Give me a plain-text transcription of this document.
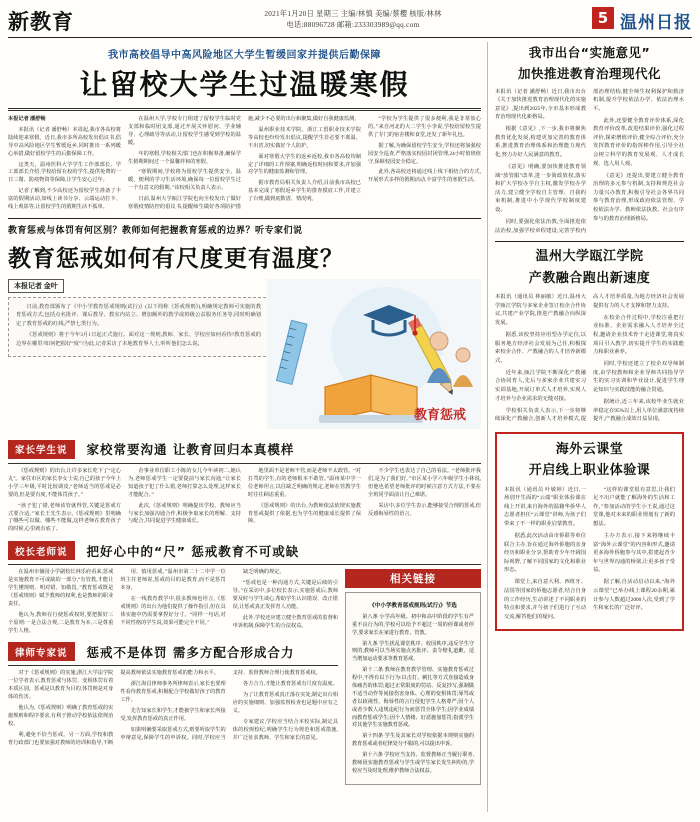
新教育	2021年1月20日 星期三 主编/林慎 美编/蔡樱 核版/林林
电话:88096728 邮箱:233303989@qq.com	5 温州日报
我市高校倡导中高风险地区大学生暂缓回家并提供后勤保障
让留校大学生过温暖寒假

本报记者 潘舒畅

本报讯（记者 潘舒畅）本周起,我市各高校将陆续迎来寒假。近日,我市多所高校发出倡议书,倡导中高风险地区学生暂缓返乡,同时推出一系列暖心举措,做好留校学生的后勤保障工作。

这类天，温州医科大学学生工作部部长、学工部部长介绍,学校给留在校的学生,提供免费的一日三餐、防疫物资等保障,让学生安心过年。

记者了解到,不少高校还为留校学生准备了丰富的假期活动,如线上读书分享、云端运动打卡、线上观影等,让留校学生的假期生活不孤单。

在温州大学,学校专门组建了留校学生临时党支部和临时团支部,通过开展关怀慰问、学业辅导、心理疏导等活动,让留校学生感受到学校的温暖。

年的寒假,学校相关部门也在积极筹备,确保学生假期期间过一个温馨祥和的寒假。

“寒假期间,学校将为留校学生提供安全、温暖、便利的学习生活环境,确保每一位留校学生过一个有意义的假期。”该校相关负责人表示。

日前,温州大学瓯江学院也向全校发出了做好寒假疫情防控的倡议书,提醒师生做好各项防护措施,减少不必要的出行和聚集,做好自我健康监测。

温州职业技术学院、浙江工贸职业技术学院等高校也纷纷发出倡议,提醒学生非必要不离温、不出省,切实做好个人防护。

面对寒假大学生的返乡返校,我市各高校均制定了详细的工作预案,明确返校时间和要求,并加强对学生的健康监测和管理。

据市教育局相关负责人介绍,目前我市高校已基本完成了寒假返乡学生的排查摸底工作,并建立了台账,做到底数清、情况明。

“学校为学生提供了很多便利,我是非常放心的。”来自河北的大二学生小李说,学校给留校生提供了专门的宿舍楼和食堂,还发了新年礼包。

据了解,为确保留校学生安全,学校还将加强校园安全巡查,严格落实校园封闭管理,24小时值班值守,保障校园安全稳定。

此外,各高校还将通过线上线下相结合的方式,开展形式多样的假期活动,丰富学生的寒假生活。

教育惩戒与体罚有何区别？教师如何把握教育惩戒的边界？听专家们说
教育惩戒如何有尺度更有温度？
教育惩戒
本报记者 金叶

日前,教育部颁布了《中小学教育惩戒规则(试行)》(以下简称《惩戒规则》),明确规定教师可实施的教育惩戒方式,包括点名批评、课后教导、教室内站立、增加额外的教学或班级公益服务任务等,同时明确划定了教育惩戒的红线,严禁七类行为。

《惩戒规则》将于今年3月1日起正式施行。面对这一规则,教师、家长、学校应如何看待?教育惩戒的边界在哪里?如何把握好“度”?为此,记者采访了本地教育界人士,听听他们怎么说。

家长学生说	家校常要沟通 让教育回归本真模样

《惩戒规则》的出台,让许多家长吃下了“定心丸”。家住市区的家长李女士说,自己的孩子今年上小学三年级,平时比较调皮,“老师适当的惩戒是必要的,但是要有度,不能体罚孩子。”

“孩子犯了错,老师该管就得管,关键是惩戒方式要合适。”家长王先生表示,《惩戒规则》里明确了哪些可以做、哪些不能做,这样老师在教育孩子的时候,心里就有底了。

企事业单位职工小陈的女儿今年读初二,她认为,老师惩戒学生一定要提前与家长沟通,“让家长知道孩子犯了什么错,老师打算怎么处理,这样家长才能配合。”

此次,《惩戒规则》明确提出学校、教师应当与家长加强沟通合作,积极争取家长的理解、支持与配合,共同促进学生健康成长。

地里面不是老师不管,而是老师不太敢管。“对打骂的学生,有的老师根本不敢管。”温州某中学一位老师坦言,以往缺乏明确的规定,老师在管教学生时往往顾虑重重。

《惩戒规则》的出台,为教师依法依规实施教育惩戒提供了依据,也为学生的健康成长提供了保障。

不少学生也表达了自己的看法。“老师批评我们,是为了我们好。”市区某小学六年级学生小林说,但他也希望老师批评的时候注意方式方法,不要在全班同学面前让自己难堪。

采访中,多位学生表示,能够接受合理的惩戒,但反感侮辱性的语言。

校长老师说	把好心中的“尺” 惩戒教育不可或缺

在温州市籀园小学副校长林乐府看来,惩戒是实施教育不可或缺的一部分,“有管教,才能让学生懂规则、明对错、知敬畏。”教育惩戒既是《惩戒规则》赋予教师的权利,也是教师的职业责任。

他认为,教师在行使惩戒权时,要把握好三个原则:一是合法合规,二是教育为本,三是尊重学生人格。

用、慎用惩戒。”温州市第二十二中学一位班主任老师说,惩戒的目的是教育,而不是惩罚本身。

在一线教育教学中,很多教师也坦言,《惩戒规则》的出台为他们提供了操作指引,但在具体实施中仍需要拿捏好分寸。“同样一句话,对不同性格的学生说,效果可能完全不同。”

缺乏明确的规定。

“惩戒也是一种沟通方式,关键是后续的引导。”在采访中,多位校长表示,实施惩戒后,教师要及时与学生谈心,帮助学生认识错误、改正错误,让惩戒真正发挥育人功能。

此外,学校还应建立健全教育惩戒的监督和申诉机制,保障学生的合法权益。

律师专家说	惩戒不是体罚 需多方配合形成合力

对于《惩戒规则》的实施,浙江大学法学院一位学者表示,教育惩戒与体罚、变相体罚有着本质区别。惩戒是以教育为目的,体罚则是对身体的伤害。

他认为,《惩戒规则》明确了教育惩戒的实施规则和程序要求,有利于推动学校依法依规治校。

利,避免不恰当惩戒。另一方面,学校和教育行政部门也要加强对教师的培训和指导,不断提高教师依法实施教育惩戒的能力和水平。

浙江海昌律师事务所律师表示,家长也要理性看待教育惩戒,积极配合学校做好孩子的教育工作。

先告知家长和学生,才能被学生和家长所接受,发挥教育惩戒的真正作用。

如果明确要采取惩戒方式,则要听取学生的申辩意见,保障学生的申诉权。同时,学校应当支持、监督教师合理行使教育惩戒权。

各方合力,才能让教育惩戒有尺度有温度。

为了让教育惩戒真正落在实处,制定出台相应的实施细则、加强监督检查也是题中应有之义。

专家建议,学校应当结合本校实际,制定具体的校规校纪,明确学生行为规范和惩戒措施,并广泛征求教师、学生和家长的意见。

相关链接

《中小学教育惩戒规则(试行)》节选

第八条 小学高年级、初中和高中阶段的学生有严重不良行为的,学校可以给予不超过一周的停课或者停学,要求家长在家进行教育、管教。

第九条 学生扰乱课堂秩序、校园秩序,违反学生守则的,教师可以当场实施点名批评、责令赔礼道歉、适当增加运动要求等教育惩戒。

第十二条 教师在教育教学管理、实施教育惩戒过程中,不得有以下行为:以击打、刺扎等方式直接造成身体痛苦的体罚;超过正常限度的罚站、反复抄写,强制做不适当动作等间接伤害身体、心理的变相体罚;辱骂或者以歧视性、侮辱性的言行侵犯学生人格尊严;因个人或者少数人违规违纪行为而惩罚全体学生;因学业成绩而教育惩戒学生;因个人情绪、好恶施加惩罚;指派学生对其他学生实施教育惩戒。

第十四条 学生及其家长对学校依据本规则实施的教育惩戒或者纪律处分不服的,可以提出申诉。

第十六条 学校应当支持、监督教师正当履行职务,教师因实施教育惩戒与学生或学生家长发生纠纷的,学校应当及时处理,维护教师合法权益。

我市出台“实施意见”
加快推进教育治理现代化

本报讯（记者 潘舒畅）近日,我市出台《关于加快推进教育治理现代化的实施意见》,提出到2025年,全市基本形成教育治理现代化新格局。

根据《意见》,下一步,我市将聚焦教育优化发展,构建更加完善的教育体系,推进教育治理体系和治理能力现代化,努力办好人民满意的教育。

《意见》明确,要加快推进教育领域“放管服”改革,进一步简政放权,落实和扩大学校办学自主权,激发学校办学活力,建立健全学校自主管理、自我约束机制,推进中小学现代学校制度建设。

同时,要强化依法治教,全面推进依法治校,加强学校章程建设,完善学校内部治理结构,健全师生权利保护和救济机制,提升学校依法办学、依法治理水平。

此外,还要健全教育评价体系,深化教育评价改革,改进结果评价,强化过程评价,探索增值评价,健全综合评价,充分发挥教育评价的指挥棒作用,引导全社会树立科学的教育发展观、人才成长观、选人用人观。

《意见》还提出,要建立健全教育治理的多元参与机制,支持和规范社会力量兴办教育,积极引导社会各界共同参与教育治理,形成政府依法管理、学校依法办学、教师依法执教、社会有序参与的教育治理新格局。

温州大学瓯江学院
产教融合跑出新速度

本报讯（通讯员 林丽敏）近日,温州大学瓯江学院与多家企业签订校企合作协议,共建产业学院,推进产教融合向纵深发展。

据悉,该校坚持应用型办学定位,以服务地方经济社会发展为己任,积极探索校企合作、产教融合的人才培养新模式。

近年来,瓯江学院不断深化产教融合协同育人,先后与多家企业共建实习实训基地,开展订单式人才培养,实现人才培养与企业需求的无缝对接。

学校相关负责人表示,下一步将继续深化产教融合,创新人才培养模式,提高人才培养质量,为地方经济社会发展提供有力的人才支撑和智力支持。

在校企合作过程中,学校注重把行业标准、企业需求融入人才培养全过程,邀请企业技术骨干走进课堂,将真实项目引入教学,切实提升学生的实践能力和职业素养。

同时,学校还建立了校企双导师制度,由学校教师和企业导师共同指导学生的实习实训和毕业设计,促进学生理论知识与实践技能的融合贯通。

据统计,近三年来,该校毕业生就业率稳定在95%以上,用人单位满意度持续提升,产教融合成效日益显现。

海外云课堂
开启线上职业体验课

本报讯（通讯员 叶敏婷）近日,一场别开生面的“云端”职业体验课在线上开讲,来自海外的温籍华侨华人志愿者担任“云课堂”讲师,为孩子们带来了不一样的职业启蒙教育。

据悉,此次活动由市侨联等单位联合主办,旨在通过海外侨胞的亲身经历和职业分享,帮助青少年开阔国际视野,了解不同国家的文化和职业形态。

课堂上,来自意大利、西班牙、法国等国家的侨胞志愿者,结合自身的工作经历,生动讲述了不同职业的特点和要求,并与孩子们进行了互动交流,解答他们的疑问。

“这样的课堂很有意思,让我们足不出户就能了解海外的生活和工作。”参加活动的学生小王说,通过这堂课,他对未来的职业规划有了新的想法。

主办方表示,接下来将继续丰富“海外云课堂”的内容和形式,邀请更多海外侨胞参与其中,搭建起青少年与世界沟通的桥梁,让更多孩子受益。

据了解,自活动启动以来,“海外云课堂”已举办线上课程20余期,累计参与人数超过2000人次,受到了学生和家长的广泛好评。
